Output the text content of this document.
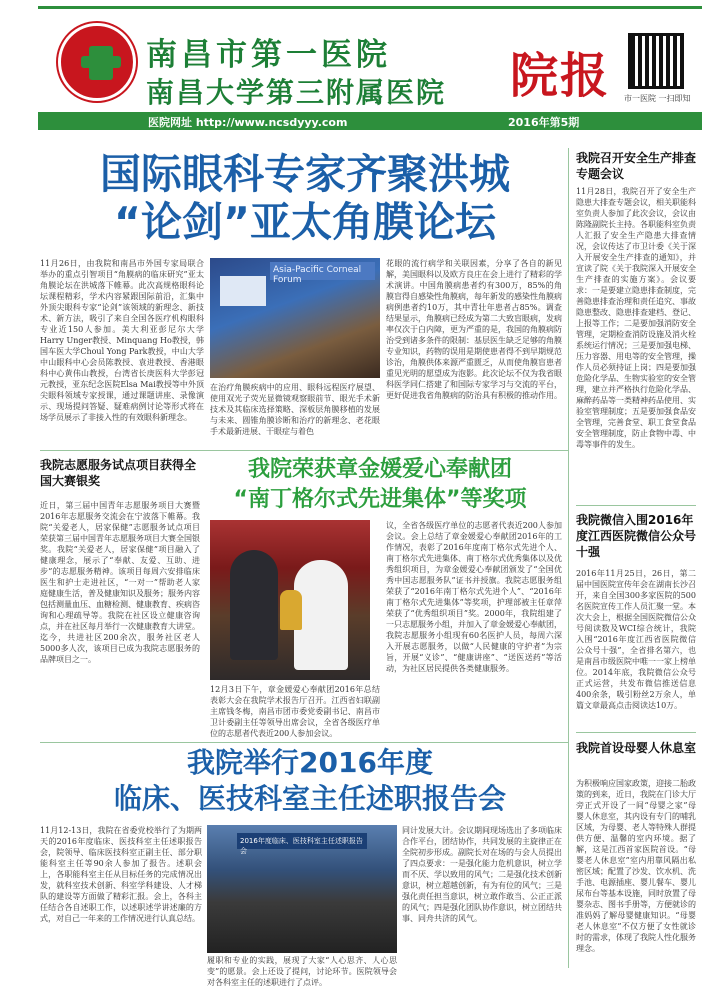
南昌市第一医院
南昌大学第三附属医院 院报 市一医院 一扫即知
医院网址 http://www.ncsdyyy.com	2016年第5期
国际眼科专家齐聚洪城
“论剑”亚太角膜论坛
11月26日，由我院和南昌市外国专家局联合举办的重点引智项目“角膜病的临床研究”亚太角膜论坛在洪城落下帷幕。此次高规格眼科论坛课程精彩，学术内容紧跟国际前沿，汇集中外顶尖眼科专家“论剑”该领域的新理念、新技术、新方法，吸引了来自全国各医疗机构眼科专业近150人参加。美大利亚彭尼尔大学Harry Unger教授、Minquang Ho教授，韩国车医大学Choul Yong Park教授，中山大学中山眼科中心会员陈教授、袁进教授、香港眼科中心黄伟山教授，台湾省长庚医科大学彭冠元教授，亚东纪念医院Elsa Mai教授等中外顶尖眼科领域专家授课，通过课题讲座、录像演示、现场提问答疑、疑难病例讨论等形式将在场学员展示了非接入性的有效眼科新理念。
Asia-Pacific Corneal Forum
在治疗角膜疾病中的应用、眼科远程医疗展望、使用双光子荧光显微镜观察眼前节、眼光手术新技术及其临床选择策略、深板层角膜移植的发展与未来、圆锥角膜诊断和治疗的新理念、老花眼手术最新进展、干眼症与着色
花眼的流行病学和关联因素，分享了各自的新见解，美国眼科以及欧方良庄在会上进行了精彩的学术演讲。中国角膜病患者约有300万，85%的角膜盲得自感染性角膜病，每年新发的感染性角膜病病例患者约10万，其中青壮年患者占85%。调查结果显示，角膜病已经成为第二大致盲眼病，发病率仅次于白内障，更为严重的是，我国的角膜病防治受到诸多条件的限制：基层医生缺乏足够的角膜专业知识，药物的误用是期使患者得不到早期规范诊治，角膜供体来源严重匮乏，从而使角膜盲患者重见光明的愿望成为泡影。此次论坛不仅为我省眼科医学同仁搭建了和国际专家学习与交流的平台，更好促进我省角膜病的防治具有积极的推动作用。
我院召开安全生产排查专题会议
11月28日，我院召开了安全生产隐患大排查专题会议，相关职能科室负责人参加了此次会议，会议由陈隆副院长主持。各职能科室负责人汇报了安全生产隐患大排查情况，会议传达了市卫计委《关于深入开展安全生产排查的通知》，并宣读了院《关于我院深入开展安全生产排查的实施方案》。会议要求：一是要建立隐患排查制度，完善隐患排查治理和责任追究、事故隐患整改、隐患排查建档、登记、上报等工作；二是要加强消防安全管理，定期检查消防设施及消火栓系统运行情况；三是要加强电梯、压力容器、用电等的安全管理，操作人员必须持证上岗；四是要加强危险化学品、生物实验室的安全管理，建立并严格执行危险化学品、麻醉药品等一类精神药品使用、实验室管理制度；五是要加强食品安全管理，完善食堂、职工食堂食品安全管理制度，防止食物中毒、中毒等事件的发生。
我院志愿服务试点项目获得全国大赛银奖
近日，第三届中国青年志愿服务项目大赛暨2016年志愿服务交流会在宁波落下帷幕。我院“关爱老人，居家保健”志愿服务试点项目荣获第三届中国青年志愿服务项目大赛全国银奖。我院“关爱老人，居家保健”项目融入了健康理念，展示了“奉献、友爱、互助、进步”的志愿服务精神。该项目每周六安排临床医生和护士走进社区，“一对一”帮助老人家庭健康生活，普及健康知识及服务；服务内容包括测量血压、血糖检测、健康教育、疾病咨询和心理疏导等。我院在社区设立健康咨询点，并在社区每月举行一次健康教育大讲堂。迄今，共进社区200余次，服务社区老人5000多人次，该项目已成为我院志愿服务的品牌项目之一。
我院荣获章金媛爱心奉献团
“南丁格尔式先进集体”等奖项
12月3日下午，章金媛爱心奉献团2016年总结表彰大会在我院学术报告厅召开。江西省妇联副主席钱冬梅，南昌市团市委党委副书记、南昌市卫计委副主任等领导出席会议，全省各级医疗单位的志愿者代表近200人参加会议。
议，全省各级医疗单位的志愿者代表近200人参加会议。会上总结了章金媛爱心奉献团2016年的工作情况，表彰了2016年度南丁格尔式先进个人、南丁格尔式先进集体、南丁格尔式优秀集体以及优秀组织项目，为章金媛爱心奉献团颁发了“全国优秀中国志愿服务队”证书并授旗。我院志愿服务组荣获了“2016年南丁格尔式先进个人”、“2016年南丁格尔式先进集体”等奖项，护理部被主任章萍荣获了“优秀组织项目”奖。2000年，我院组建了一只志愿服务小组，并加入了章金媛爱心奉献团，我院志愿服务小组现有60名医护人员，每周六深入开展志愿服务，以做“人民健康的守护者”为宗旨，开展“义诊”、“健康讲座”、“送医送药”等活动，为社区居民提供各类健康服务。
我院微信入围2016年度江西医院微信公众号十强
2016年11月25日，26日，第二届中国医院宣传年会在湖南长沙召开，来自全国300多家医院的500名医院宣传工作人员汇聚一堂。本次大会上，根据全国医院微信公众号阅读数及WCI综合统计，我院入围“2016年度江西省医院微信公众号十强”，全省排名第六，也是南昌市级医院中唯一一家上榜单位。2014年底，我院微信公众号正式运营，共发布微信推送信息400余条，吸引粉丝2万余人，单篇文章最高点击阅读达10万。
我院首设母婴人休息室
为积极响应国家政策，迎接二胎政策的到来，近日，我院在门诊大厅旁正式开设了一间“母婴之家”母婴人休息室，其内设有专门的哺乳区域，为母婴、老人等特殊人群提供方便、温馨的室内环境。据了解，这是江西首家医院首设。“母婴老人休息室”室内用靠风隔出私密区域；配置了沙发、饮水机、洗手池、电源插座、婴儿餐车、婴儿尿布台等基本设施，同时放置了母婴杂志、图书手册等，方便就诊的准妈妈了解母婴健康知识。“母婴老人休息室”不仅方便了女性就诊时的需求，体现了我院人性化服务理念。
我院举行2016年度
临床、医技科室主任述职报告会
11月12-13日，我院在省委党校举行了为期两天的2016年度临床、医技科室主任述职报告会，院领导、临床医技科室正副主任、部分职能科室主任等90余人参加了报告。述职会上，各职能科室主任从目标任务的完成情况出发，就科室技术创新、科室学科建设、人才梯队的建设等方面做了精彩汇报。会上，各科主任结合各自述职工作，以述职述学讲述廉的方式，对自己一年来的工作情况进行认真总结。
2016年度临床、医技科室主任述职报告会
履职和专业的实践，展现了大家“人心思齐、人心思变”的愿景。会上还设了提问，讨论环节。医院领导会对各科室主任的述职进行了点评。
同计发展大计。会议期间现场选出了多项临床合作平台，团结协作，共同发展的主旋律正在全院初步形成。副院长对在场的与会人员提出了四点要求：一是强化能力危机意识，树立学而不厌、学以致用的风气；二是强化技术创新意识，树立超越创新，有为有位的风气；三是强化责任担当意识，树立敢作敢当、公正正派的风气；四是强化团队协作意识，树立团结共事、同舟共济的风气。
